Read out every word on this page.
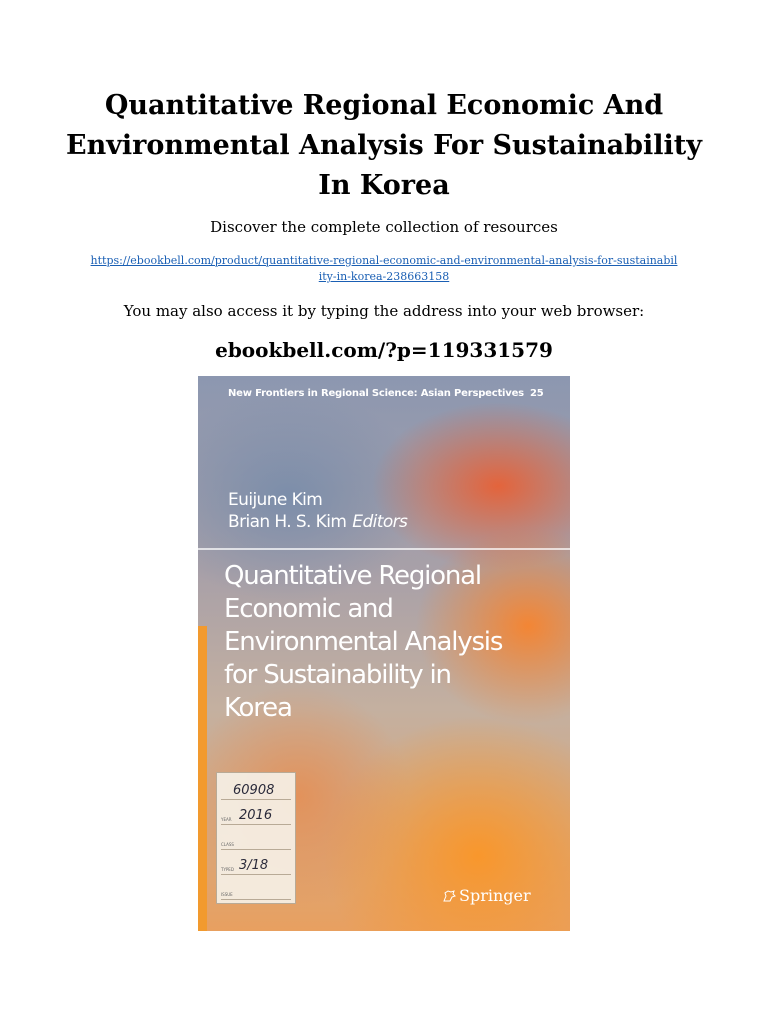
Quantitative Regional Economic And Environmental Analysis For Sustainability In Korea
Discover the complete collection of resources
https://ebookbell.com/product/quantitative-regional-economic-and-environmental-analysis-for-sustainability-in-korea-238663158
You may also access it by typing the address into your web browser:
ebookbell.com/?p=119331579
New Frontiers in Regional Science: Asian Perspectives 25
Euijune Kim
Brian H. S. Kim Editors
Quantitative Regional
Economic and
Environmental Analysis
for Sustainability in
Korea
60908
YEAR 2016
CLASS
TYPED 3/18
ISSUE	Springer
